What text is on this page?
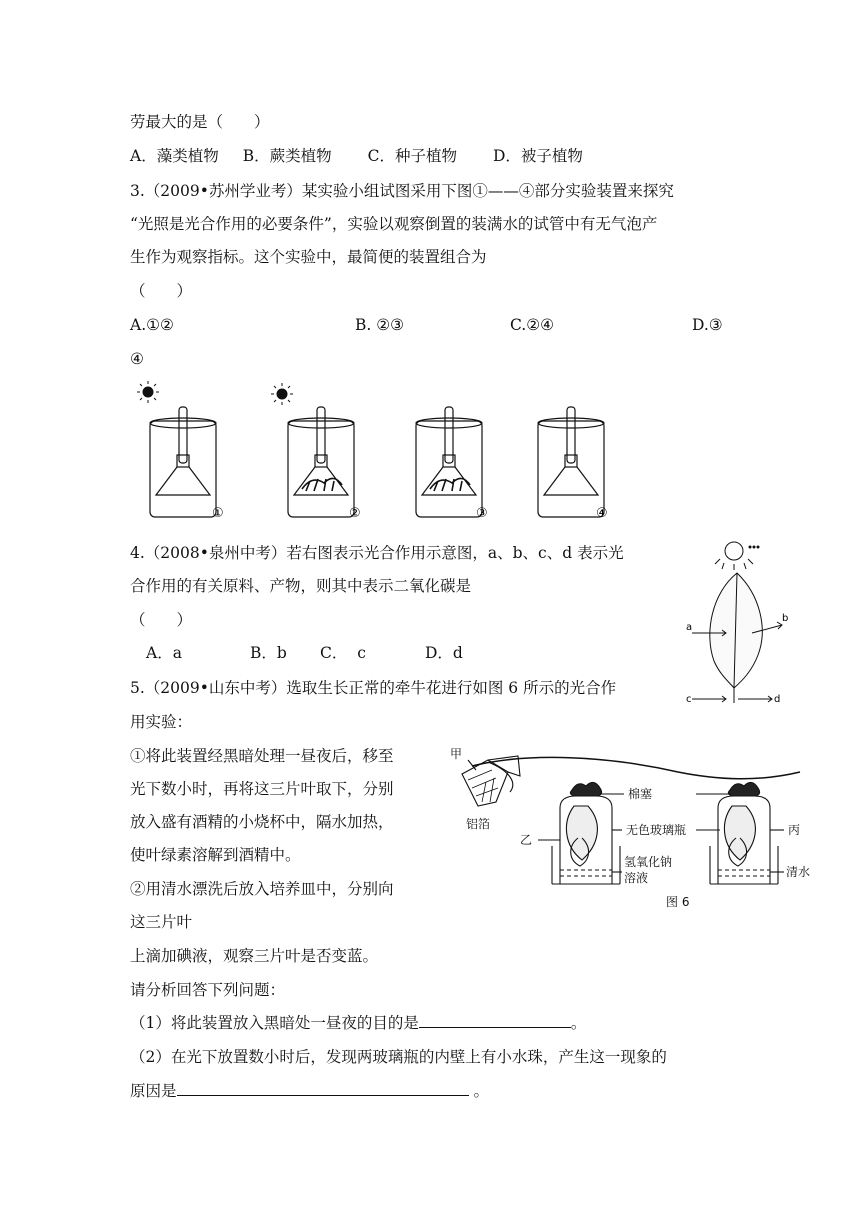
劳最大的是（　　）
A．藻类植物 B．蕨类植物 C．种子植物 D．被子植物
3.（2009•苏州学业考）某实验小组试图采用下图①——④部分实验装置来探究
“光照是光合作用的必要条件”，实验以观察倒置的装满水的试管中有无气泡产
生作为观察指标。这个实验中，最简便的装置组合为
（　　）
A.①②	B. ②③	C.②④	D.③
④
①	②	③	④
4.（2008•泉州中考）若右图表示光合作用示意图，a、b、c、d 表示光
合作用的有关原料、产物，则其中表示二氧化碳是
（　　）
A．a	B．b C．  c	D．d
a
b
c	d
5.（2009•山东中考）选取生长正常的牵牛花进行如图 6 所示的光合作
用实验：
①将此装置经黑暗处理一昼夜后，移至
光下数小时，再将这三片叶取下，分别
放入盛有酒精的小烧杯中，隔水加热，
使叶绿素溶解到酒精中。
②用清水漂洗后放入培养皿中，分别向
这三片叶
上滴加碘液，观察三片叶是否变蓝。
请分析回答下列问题：
（1）将此装置放入黑暗处一昼夜的目的是	。
（2）在光下放置数小时后，发现两玻璃瓶的内壁上有小水珠，产生这一现象的
原因是	。
甲
铝箔
棉塞
乙
无色玻璃瓶	丙
氢氧化钠
溶液	清水
图 6
